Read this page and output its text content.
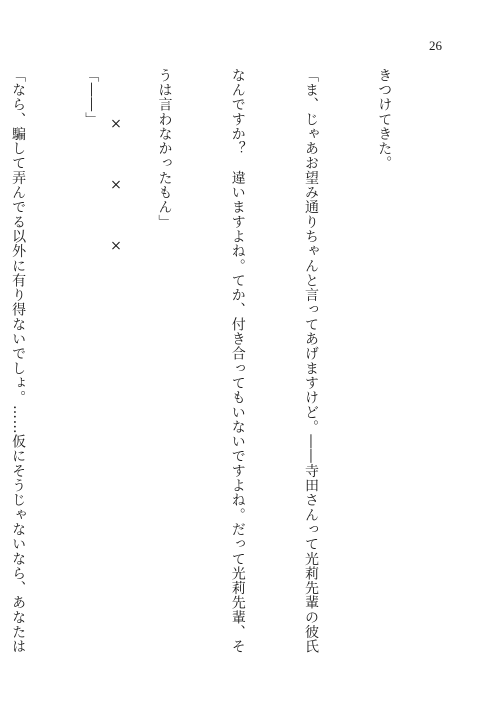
26

きつけてきた。

「ま、じゃあお望み通りちゃんと言ってあげますけど。――寺田さんって光莉先輩の彼氏

なんですか？　違いますよね。てか、付き合ってもいないですよね。だって光莉先輩、そ

うは言わなかったもん」

「――」

「なら、騙して弄んでる以外に有り得ないでしょ。……仮にそうじゃないなら、あなたは

	×××
